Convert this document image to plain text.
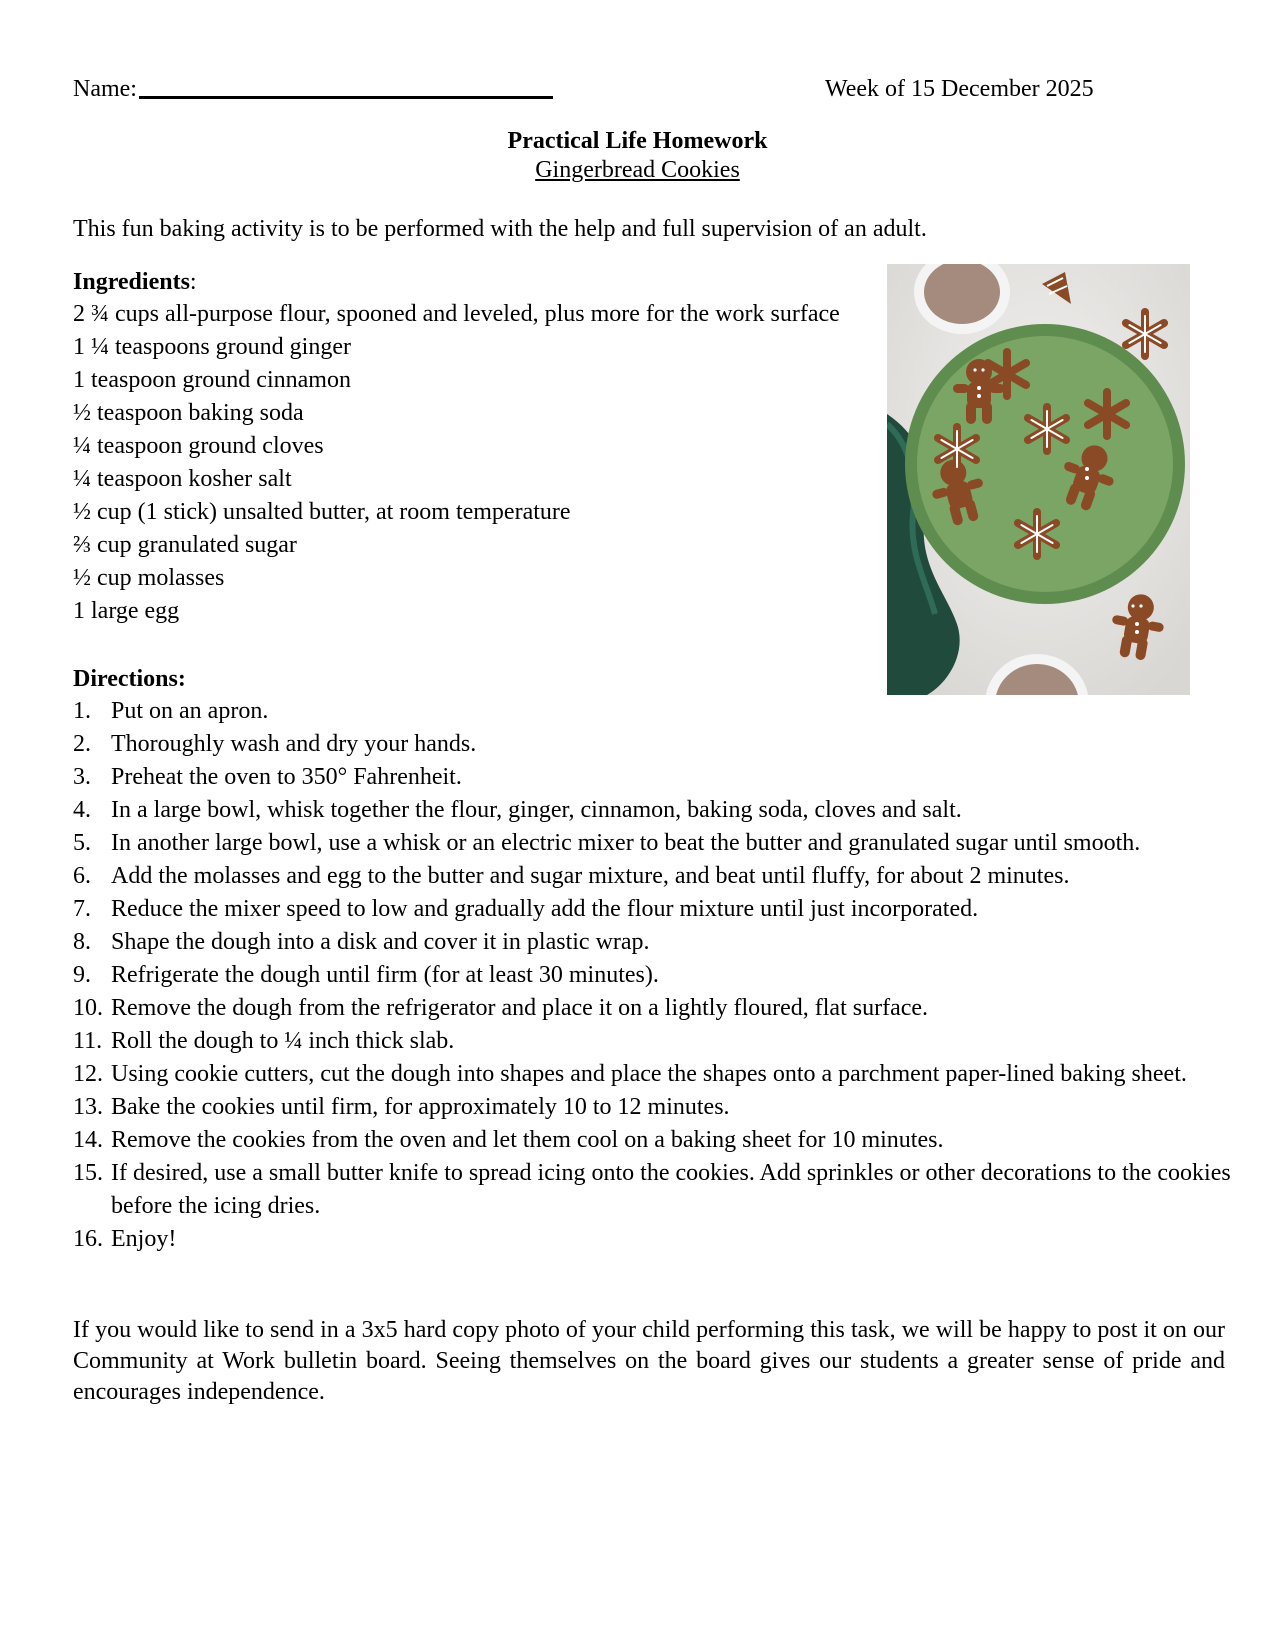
Name:	Week of 15 December 2025
Practical Life Homework
Gingerbread Cookies
This fun baking activity is to be performed with the help and full supervision of an adult.
Ingredients:
2 ¾ cups all-purpose flour, spooned and leveled, plus more for the work surface
1 ¼ teaspoons ground ginger
1 teaspoon ground cinnamon
½ teaspoon baking soda
¼ teaspoon ground cloves
¼ teaspoon kosher salt
½ cup (1 stick) unsalted butter, at room temperature
⅔ cup granulated sugar
½ cup molasses
1 large egg
Directions:
1. Put on an apron.
2. Thoroughly wash and dry your hands.
3. Preheat the oven to 350° Fahrenheit.
4. In a large bowl, whisk together the flour, ginger, cinnamon, baking soda, cloves and salt.
5. In another large bowl, use a whisk or an electric mixer to beat the butter and granulated sugar until smooth.
6. Add the molasses and egg to the butter and sugar mixture, and beat until fluffy, for about 2 minutes.
7. Reduce the mixer speed to low and gradually add the flour mixture until just incorporated.
8. Shape the dough into a disk and cover it in plastic wrap.
9. Refrigerate the dough until firm (for at least 30 minutes).
10. Remove the dough from the refrigerator and place it on a lightly floured, flat surface.
11. Roll the dough to ¼ inch thick slab.
12. Using cookie cutters, cut the dough into shapes and place the shapes onto a parchment paper-lined baking sheet.
13. Bake the cookies until firm, for approximately 10 to 12 minutes.
14. Remove the cookies from the oven and let them cool on a baking sheet for 10 minutes.
15. If desired, use a small butter knife to spread icing onto the cookies. Add sprinkles or other decorations to the cookies before the icing dries.
16. Enjoy!
If you would like to send in a 3x5 hard copy photo of your child performing this task, we will be happy to post it on our Community at Work bulletin board. Seeing themselves on the board gives our students a greater sense of pride and encourages independence.
